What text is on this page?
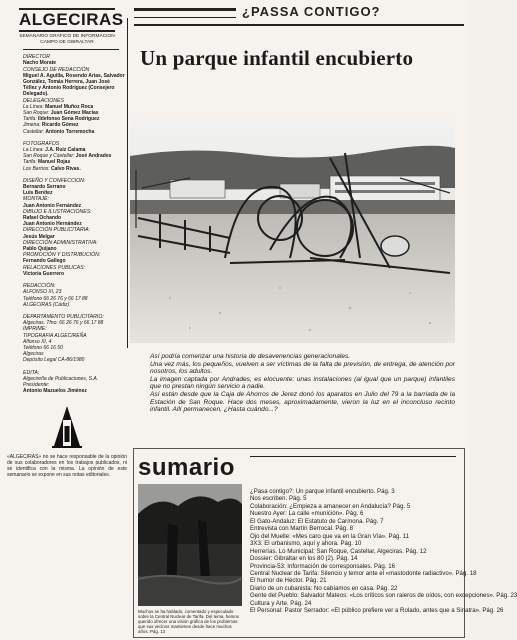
ALGECIRAS
SEMANARIO GRAFICO DE INFORMACION CAMPO DE GIBRALTAR
DIRECTOR
Nacho Morate
CONSEJO DE REDACCIÓN
Miguel A. Aguilla, Rosendo Arias, Salvador González, Tomás Herrera, Juan José Téllez y Antonio Rodríguez (Consejero Delegado).
DELEGACIONES
La Línea: Manuel Muñoz Roca
San Roque: Juan Gómez Macías
Tarifa: Ildefonso Sena Rodríguez
Jimena: Ricardo Gómez
Castellar: Antonio Torremocha
FOTOGRAFOS
La Línea: J.A. Ruiz Calama
San Roque y Castellar: José Andrades
Tarifa: Manuel Rojas
Los Barrios: Calvo Rivas.
DISEÑO Y CONFECCION:
Bernardo Serrano
Luis Benítez
MONTAJE:
Juan Antonio Fernández
DIBUJO E ILUSTRACIONES:
Rafael Ochando
Juan Antonio Hernández
DIRECCIÓN PUBLICITARIA:
Jesús Melgar
DIRECCIÓN ADMINISTRATIVA:
Pablo Quijano
PROMOCIÓN Y DISTRIBUCIÓN:
Fernando Gallego
RELACIONES PUBLICAS:
Victoria Guerrero
REDACCIÓN:
ALFONSO XI, 23
Teléfono 66 26 76 y 66 17 88
ALGECIRAS (Cádiz)
DEPARTAMENTO PUBLICITARIO:
Algeciras. Tfno: 66 26 76 y 66 17 88
IMPRIME:
TIPOGRAFIA ALGECIREÑA
Alfonso XI, 4
Teléfono 66 16 50
Algeciras
Depósito Legal CA-86/1980
EDITA:
Algecireña de Publicaciones, S.A.
Presidente:
Antonio Mazuelos Jiménez
«ALGECIRAS» no se hace responsable de la opinión de sus colaboradores en los trabajos publicados, ni se identifica con la misma. La opinión de este semanario se expone en sus notas editoriales.
¿PASSA CONTIGO?
Un parque infantil encubierto
Así podría comenzar una historia de desavenencias generacionales.
Una vez más, los pequeños, vuelven a ser víctimas de la falta de previsión, de entrega, de atención por nosotros, los adultos.
La imagen captada por Andrades, es elocuente: unas instalaciones (al igual que un parque) infantiles que no prestan ningún servicio a nadie.
Así están desde que la Caja de Ahorros de Jerez donó los aparatos en Julio del 79 a la barriada de la Estación de San Roque. Hace dos meses, aproximadamente, vieron la luz en el inconcluso recinto infantil. Allí permanecen, ¿Hasta cuándo...?
sumario
Muchos se ha hablado, comentado y especulado sobre la Central Nuclear de Tarifa. Del tema, hemos querido ofrecer una visión gráfica de los problemas que sus vecinos mantienen desde hace muchos años. Pág. 13
¿Pasa contigo?: Un parque infantil encubierto. Pág. 3
Nos escriben. Pág. 5
Colaboración: ¿Empieza a amanecer en Andalucía? Pág. 5
Nuestro Ayer: La calle «munición». Pág. 6
El Gato-Andaluz: El Estatuto de Carmona. Pág. 7
Entrevista con Martín Berrocal. Pág. 8
Ojo del Muelle: «Mes caro que va en la Gran Vía». Pág. 11
3X3: El urbanismo, aquí y ahora. Pág. 10
Herrerías. Lo Municipal: San Roque, Castellar, Algeciras. Pág. 12
Dossier: Gibraltar en los 80 (2). Pág. 14
Provincia-53: Información de corresponsales. Pág. 16
Central Nuclear de Tarifa: Silencio y temor ante el «mastodonte radiactivo». Pág. 18
El humor de Héctor. Pág. 21
Diario de un cubanista: No cabíamos en casa. Pág. 22
Gente del Pueblo: Salvador Mateos: «Los críticos son raieros de oídos, con excepciones». Pág. 23
Cultura y Arte. Pág. 24
El Personal: Pastor Serrador: «El público prefiere ver a Rolado, antes que a Sinatra». Pág. 26
